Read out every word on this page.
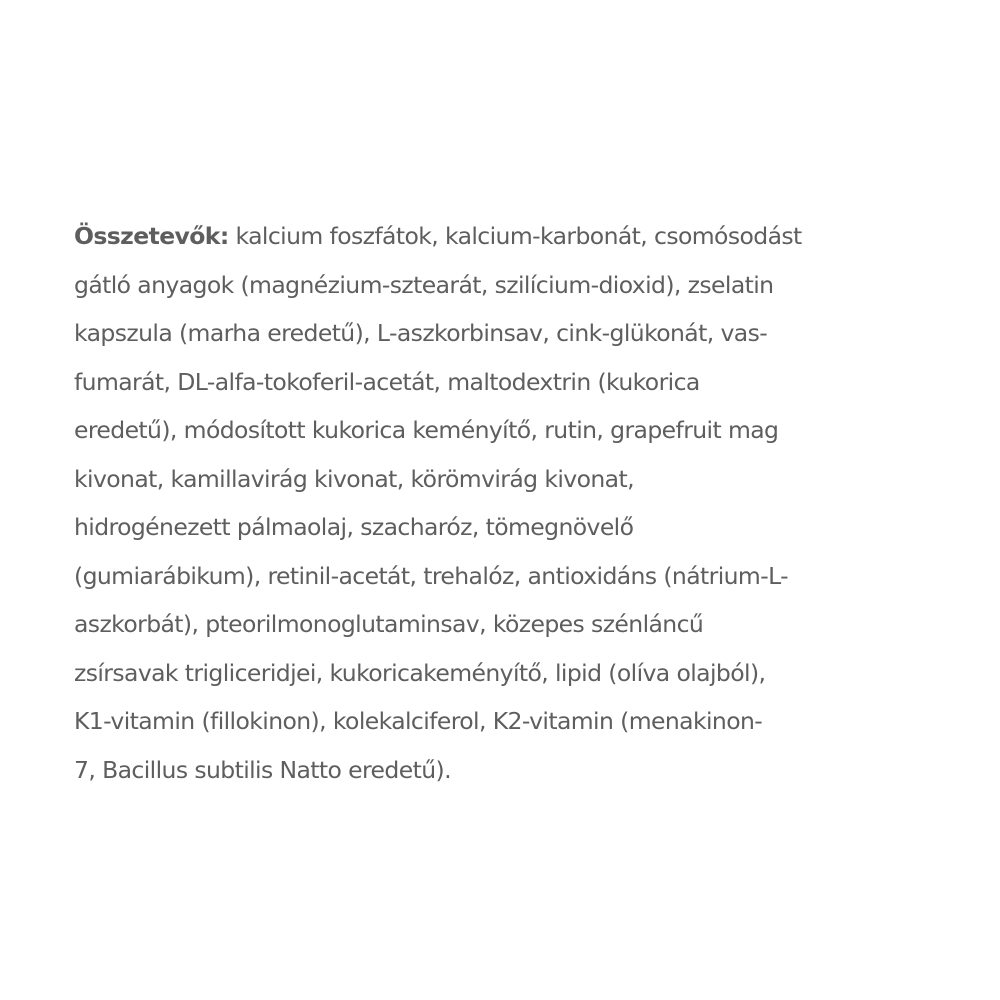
Összetevők: kalcium foszfátok, kalcium-karbonát, csomósodást
gátló anyagok (magnézium-sztearát, szilícium-dioxid), zselatin
kapszula (marha eredetű), L-aszkorbinsav, cink-glükonát, vas-
fumarát, DL-alfa-tokoferil-acetát, maltodextrin (kukorica
eredetű), módosított kukorica keményítő, rutin, grapefruit mag
kivonat, kamillavirág kivonat, körömvirág kivonat,
hidrogénezett pálmaolaj, szacharóz, tömegnövelő
(gumiarábikum), retinil-acetát, trehalóz, antioxidáns (nátrium-L-
aszkorbát), pteorilmonoglutaminsav, közepes szénláncű
zsírsavak trigliceridjei, kukoricakeményítő, lipid (olíva olajból),
K1-vitamin (fillokinon), kolekalciferol, K2-vitamin (menakinon-
7, Bacillus subtilis Natto eredetű).
